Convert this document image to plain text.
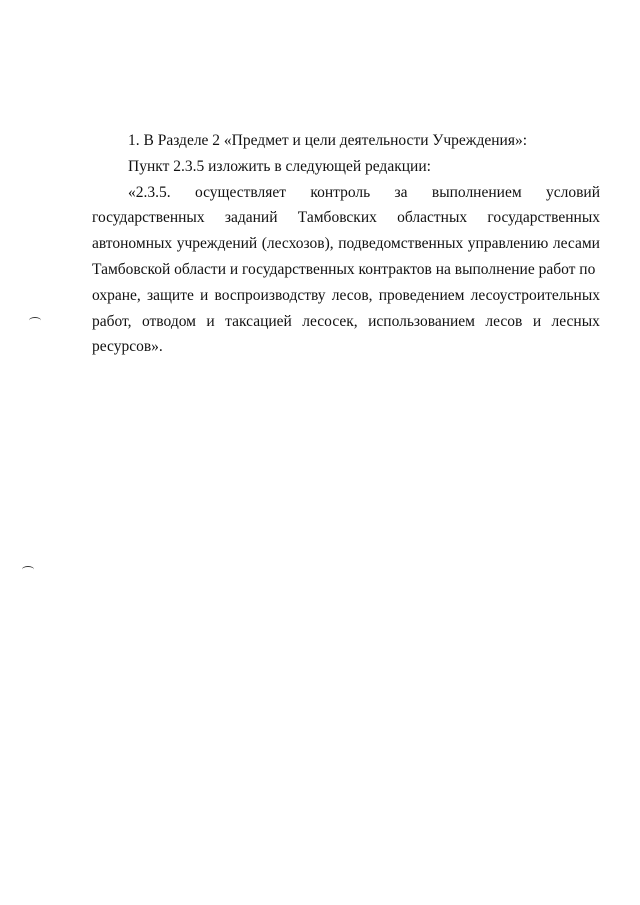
1. В Разделе 2 «Предмет и цели деятельности Учреждения»:
Пункт 2.3.5 изложить в следующей редакции:
«2.3.5. осуществляет контроль за выполнением условий
государственных заданий Тамбовских областных государственных
автономных учреждений (лесхозов), подведомственных управлению лесами
Тамбовской области и государственных контрактов на выполнение работ по
охране, защите и воспроизводству лесов, проведением лесоустроительных
работ, отводом и таксацией лесосек, использованием лесов и лесных
ресурсов».
